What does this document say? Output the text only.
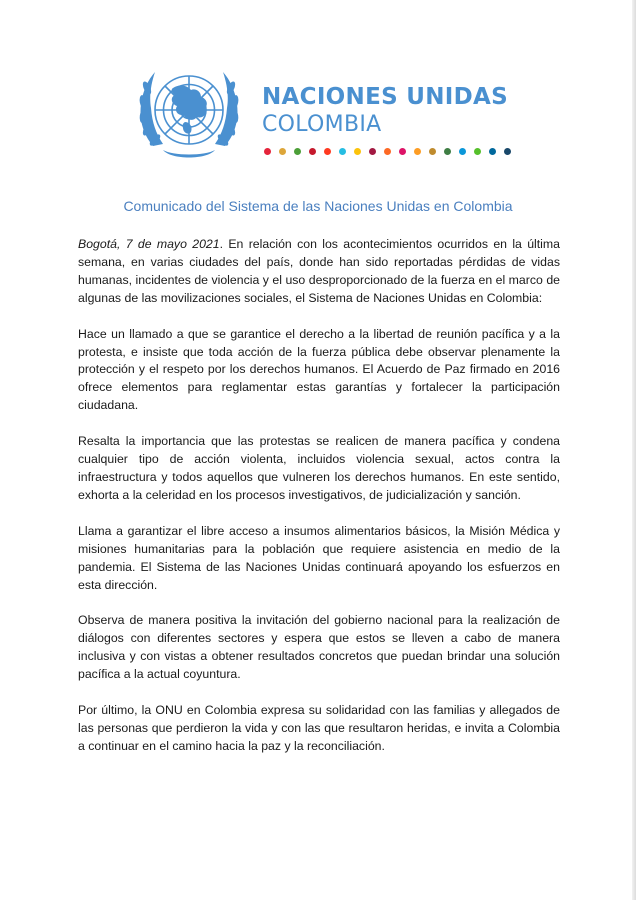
NACIONES UNIDAS
COLOMBIA
Comunicado del Sistema de las Naciones Unidas en Colombia

Bogotá, 7 de mayo 2021. En relación con los acontecimientos ocurridos en la última semana, en varias ciudades del país, donde han sido reportadas pérdidas de vidas humanas, incidentes de violencia y el uso desproporcionado de la fuerza en el marco de algunas de las movilizaciones sociales, el Sistema de Naciones Unidas en Colombia:

Hace un llamado a que se garantice el derecho a la libertad de reunión pacífica y a la protesta, e insiste que toda acción de la fuerza pública debe observar plenamente la protección y el respeto por los derechos humanos. El Acuerdo de Paz firmado en 2016 ofrece elementos para reglamentar estas garantías y fortalecer la participación ciudadana.

Resalta la importancia que las protestas se realicen de manera pacífica y condena cualquier tipo de acción violenta, incluidos violencia sexual, actos contra la infraestructura y todos aquellos que vulneren los derechos humanos. En este sentido, exhorta a la celeridad en los procesos investigativos, de judicialización y sanción.

Llama a garantizar el libre acceso a insumos alimentarios básicos, la Misión Médica y misiones humanitarias para la población que requiere asistencia en medio de la pandemia. El Sistema de las Naciones Unidas continuará apoyando los esfuerzos en esta dirección.

Observa de manera positiva la invitación del gobierno nacional para la realización de diálogos con diferentes sectores y espera que estos se lleven a cabo de manera inclusiva y con vistas a obtener resultados concretos que puedan brindar una solución pacífica a la actual coyuntura.

Por último, la ONU en Colombia expresa su solidaridad con las familias y allegados de las personas que perdieron la vida y con las que resultaron heridas, e invita a Colombia a continuar en el camino hacia la paz y la reconciliación.
